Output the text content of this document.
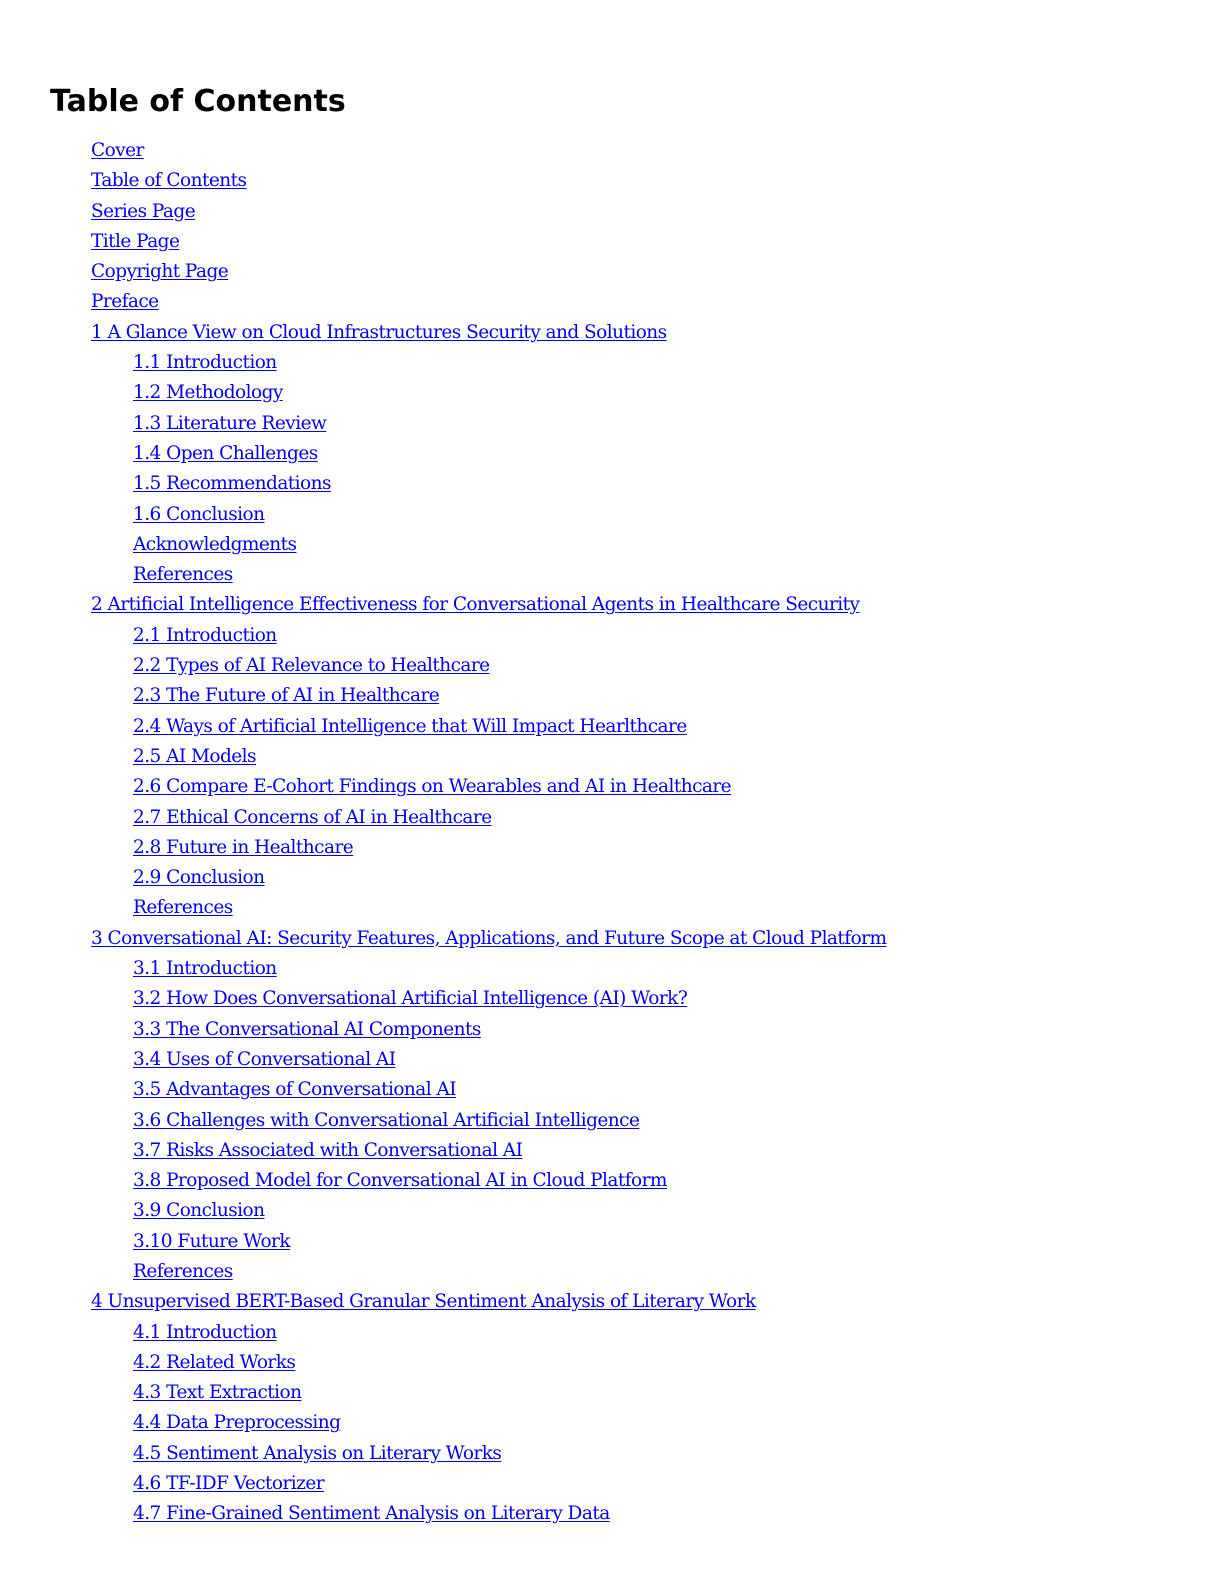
Table of Contents
Cover
Table of Contents
Series Page
Title Page
Copyright Page
Preface
1 A Glance View on Cloud Infrastructures Security and Solutions
1.1 Introduction
1.2 Methodology
1.3 Literature Review
1.4 Open Challenges
1.5 Recommendations
1.6 Conclusion
Acknowledgments
References
2 Artificial Intelligence Effectiveness for Conversational Agents in Healthcare Security
2.1 Introduction
2.2 Types of AI Relevance to Healthcare
2.3 The Future of AI in Healthcare
2.4 Ways of Artificial Intelligence that Will Impact Hearlthcare
2.5 AI Models
2.6 Compare E-Cohort Findings on Wearables and AI in Healthcare
2.7 Ethical Concerns of AI in Healthcare
2.8 Future in Healthcare
2.9 Conclusion
References
3 Conversational AI: Security Features, Applications, and Future Scope at Cloud Platform
3.1 Introduction
3.2 How Does Conversational Artificial Intelligence (AI) Work?
3.3 The Conversational AI Components
3.4 Uses of Conversational AI
3.5 Advantages of Conversational AI
3.6 Challenges with Conversational Artificial Intelligence
3.7 Risks Associated with Conversational AI
3.8 Proposed Model for Conversational AI in Cloud Platform
3.9 Conclusion
3.10 Future Work
References
4 Unsupervised BERT-Based Granular Sentiment Analysis of Literary Work
4.1 Introduction
4.2 Related Works
4.3 Text Extraction
4.4 Data Preprocessing
4.5 Sentiment Analysis on Literary Works
4.6 TF-IDF Vectorizer
4.7 Fine-Grained Sentiment Analysis on Literary Data
